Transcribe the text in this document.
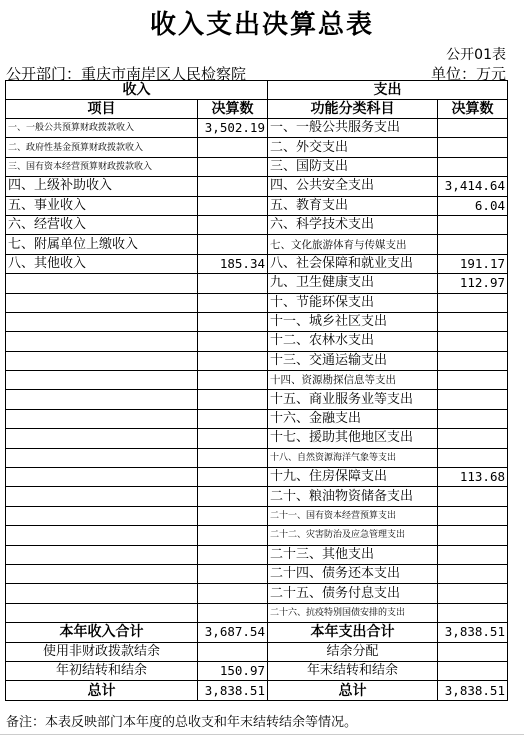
收入支出决算总表
公开01表
公开部门：重庆市南岸区人民检察院	单位：万元
收入		支出	
项目	决算数	功能分类科目	决算数
一、一般公共预算财政拨款收入	3,502.19	一、一般公共服务支出	
二、政府性基金预算财政拨款收入		二、外交支出	
三、国有资本经营预算财政拨款收入		三、国防支出	
四、上级补助收入		四、公共安全支出	3,414.64
五、事业收入		五、教育支出	6.04
六、经营收入		六、科学技术支出	
七、附属单位上缴收入		七、文化旅游体育与传媒支出	
八、其他收入	185.34	八、社会保障和就业支出	191.17
		九、卫生健康支出	112.97
		十、节能环保支出	
		十一、城乡社区支出	
		十二、农林水支出	
		十三、交通运输支出	
		十四、资源勘探信息等支出	
		十五、商业服务业等支出	
		十六、金融支出	
		十七、援助其他地区支出	
		十八、自然资源海洋气象等支出	
		十九、住房保障支出	113.68
		二十、粮油物资储备支出	
		二十一、国有资本经营预算支出	
		二十二、灾害防治及应急管理支出	
		二十三、其他支出	
		二十四、债务还本支出	
		二十五、债务付息支出	
		二十六、抗疫特别国债安排的支出	
本年收入合计	3,687.54	本年支出合计	3,838.51
使用非财政拨款结余		结余分配	
年初结转和结余	150.97	年末结转和结余	
总计	3,838.51	总计	3,838.51
备注：本表反映部门本年度的总收支和年末结转结余等情况。
